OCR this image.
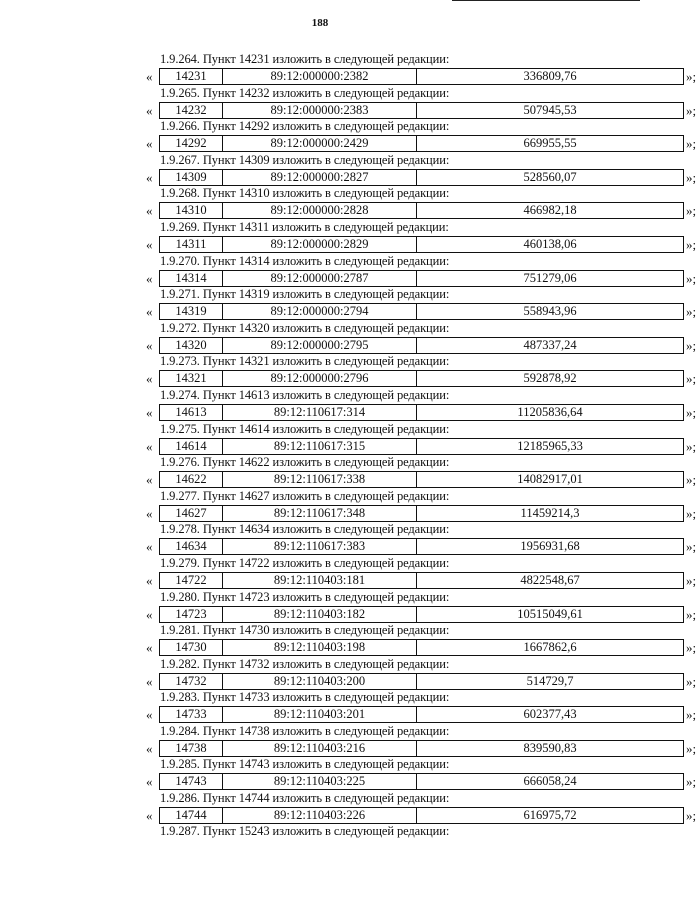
188
1.9.264. Пункт 14231 изложить в следующей редакции:
«	14231	89:12:000000:2382	336809,76	»;
1.9.265. Пункт 14232 изложить в следующей редакции:
«	14232	89:12:000000:2383	507945,53	»;
1.9.266. Пункт 14292 изложить в следующей редакции:
«	14292	89:12:000000:2429	669955,55	»;
1.9.267. Пункт 14309 изложить в следующей редакции:
«	14309	89:12:000000:2827	528560,07	»;
1.9.268. Пункт 14310 изложить в следующей редакции:
«	14310	89:12:000000:2828	466982,18	»;
1.9.269. Пункт 14311 изложить в следующей редакции:
«	14311	89:12:000000:2829	460138,06	»;
1.9.270. Пункт 14314 изложить в следующей редакции:
«	14314	89:12:000000:2787	751279,06	»;
1.9.271. Пункт 14319 изложить в следующей редакции:
«	14319	89:12:000000:2794	558943,96	»;
1.9.272. Пункт 14320 изложить в следующей редакции:
«	14320	89:12:000000:2795	487337,24	»;
1.9.273. Пункт 14321 изложить в следующей редакции:
«	14321	89:12:000000:2796	592878,92	»;
1.9.274. Пункт 14613 изложить в следующей редакции:
«	14613	89:12:110617:314	11205836,64	»;
1.9.275. Пункт 14614 изложить в следующей редакции:
«	14614	89:12:110617:315	12185965,33	»;
1.9.276. Пункт 14622 изложить в следующей редакции:
«	14622	89:12:110617:338	14082917,01	»;
1.9.277. Пункт 14627 изложить в следующей редакции:
«	14627	89:12:110617:348	11459214,3	»;
1.9.278. Пункт 14634 изложить в следующей редакции:
«	14634	89:12:110617:383	1956931,68	»;
1.9.279. Пункт 14722 изложить в следующей редакции:
«	14722	89:12:110403:181	4822548,67	»;
1.9.280. Пункт 14723 изложить в следующей редакции:
«	14723	89:12:110403:182	10515049,61	»;
1.9.281. Пункт 14730 изложить в следующей редакции:
«	14730	89:12:110403:198	1667862,6	»;
1.9.282. Пункт 14732 изложить в следующей редакции:
«	14732	89:12:110403:200	514729,7	»;
1.9.283. Пункт 14733 изложить в следующей редакции:
«	14733	89:12:110403:201	602377,43	»;
1.9.284. Пункт 14738 изложить в следующей редакции:
«	14738	89:12:110403:216	839590,83	»;
1.9.285. Пункт 14743 изложить в следующей редакции:
«	14743	89:12:110403:225	666058,24	»;
1.9.286. Пункт 14744 изложить в следующей редакции:
«	14744	89:12:110403:226	616975,72	»;
1.9.287. Пункт 15243 изложить в следующей редакции:
